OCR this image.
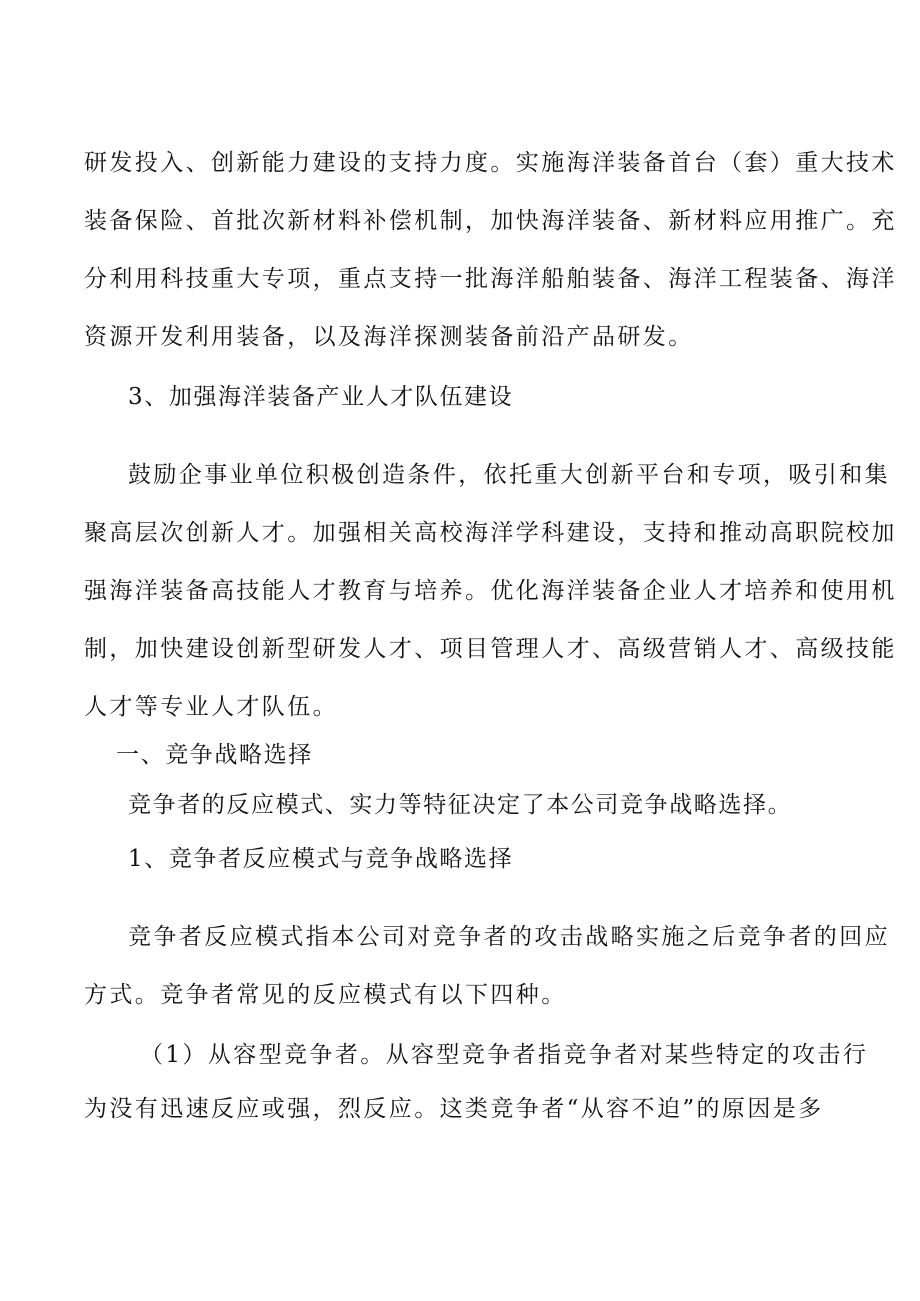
研发投入、创新能力建设的支持力度。实施海洋装备首台（套）重大技术
装备保险、首批次新材料补偿机制，加快海洋装备、新材料应用推广。充
分利用科技重大专项，重点支持一批海洋船舶装备、海洋工程装备、海洋
资源开发利用装备，以及海洋探测装备前沿产品研发。
3、加强海洋装备产业人才队伍建设
鼓励企事业单位积极创造条件，依托重大创新平台和专项，吸引和集
聚高层次创新人才。加强相关高校海洋学科建设，支持和推动高职院校加
强海洋装备高技能人才教育与培养。优化海洋装备企业人才培养和使用机
制，加快建设创新型研发人才、项目管理人才、高级营销人才、高级技能
人才等专业人才队伍。
一、竞争战略选择
竞争者的反应模式、实力等特征决定了本公司竞争战略选择。
1、竞争者反应模式与竞争战略选择
竞争者反应模式指本公司对竞争者的攻击战略实施之后竞争者的回应
方式。竞争者常见的反应模式有以下四种。
（1）从容型竞争者。从容型竞争者指竞争者对某些特定的攻击行
为没有迅速反应或强，烈反应。这类竞争者“从容不迫”的原因是多
